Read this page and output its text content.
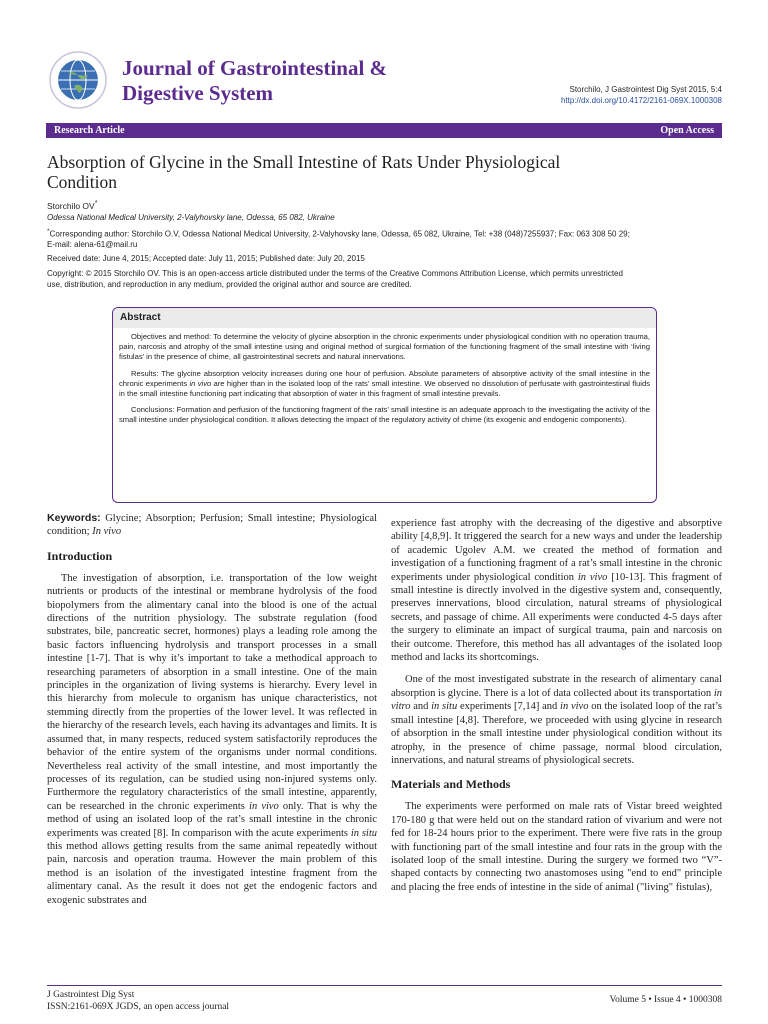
Journal of Gastrointestinal &
Digestive System	Storchilo, J Gastrointest Dig Syst 2015, 5:4
http://dx.doi.org/10.4172/2161-069X.1000308
Research Article	Open Access
Absorption of Glycine in the Small Intestine of Rats Under Physiological
Condition
Storchilo OV*
Odessa National Medical University, 2-Valyhovsky lane, Odessa, 65 082, Ukraine
*Corresponding author: Storchilo O.V, Odessa National Medical University, 2-Valyhovsky lane, Odessa, 65 082, Ukraine, Tel: +38 (048)7255937; Fax: 063 308 50 29;
E-mail: alena-61@mail.ru
Received date: June 4, 2015; Accepted date: July 11, 2015; Published date: July 20, 2015
Copyright: © 2015 Storchilo OV. This is an open-access article distributed under the terms of the Creative Commons Attribution License, which permits unrestricted
use, distribution, and reproduction in any medium, provided the original author and source are credited.
Abstract

Objectives and method: To determine the velocity of glycine absorption in the chronic experiments under physiological condition with no operation trauma, pain, narcosis and atrophy of the small intestine using and original method of surgical formation of the functioning fragment of the small intestine with ‘living fistulas’ in the presence of chime, all gastrointestinal secrets and natural innervations.

Results: The glycine absorption velocity increases during one hour of perfusion. Absolute parameters of absorptive activity of the small intestine in the chronic experiments in vivo are higher than in the isolated loop of the rats’ small intestine. We observed no dissolution of perfusate with gastrointestinal fluids in the small intestine functioning part indicating that absorption of water in this fragment of small intestine prevails.

Conclusions: Formation and perfusion of the functioning fragment of the rats’ small intestine is an adequate approach to the investigating the activity of the small intestine under physiological condition. It allows detecting the impact of the regulatory activity of chime (its exogenic and endogenic components).

Keywords: Glycine; Absorption; Perfusion; Small intestine; Physiological condition; In vivo

Introduction

The investigation of absorption, i.e. transportation of the low weight nutrients or products of the intestinal or membrane hydrolysis of the food biopolymers from the alimentary canal into the blood is one of the actual directions of the nutrition physiology. The substrate regulation (food substrates, bile, pancreatic secret, hormones) plays a leading role among the basic factors influencing hydrolysis and transport processes in a small intestine [1-7]. That is why it’s important to take a methodical approach to researching parameters of absorption in a small intestine. One of the main principles in the organization of living systems is hierarchy. Every level in this hierarchy from molecule to organism has unique characteristics, not stemming directly from the properties of the lower level. It was reflected in the hierarchy of the research levels, each having its advantages and limits. It is assumed that, in many respects, reduced system satisfactorily reproduces the behavior of the entire system of the organisms under normal conditions. Nevertheless real activity of the small intestine, and most importantly the processes of its regulation, can be studied using non-injured systems only. Furthermore the regulatory characteristics of the small intestine, apparently, can be researched in the chronic experiments in vivo only. That is why the method of using an isolated loop of the rat’s small intestine in the chronic experiments was created [8]. In comparison with the acute experiments in situ this method allows getting results from the same animal repeatedly without pain, narcosis and operation trauma. However the main problem of this method is an isolation of the investigated intestine fragment from the alimentary canal. As the result it does not get the endogenic factors and exogenic substrates and

experience fast atrophy with the decreasing of the digestive and absorptive ability [4,8,9]. It triggered the search for a new ways and under the leadership of academic Ugolev A.M. we created the method of formation and investigation of a functioning fragment of a rat’s small intestine in the chronic experiments under physiological condition in vivo [10-13]. This fragment of small intestine is directly involved in the digestive system and, consequently, preserves innervations, blood circulation, natural streams of physiological secrets, and passage of chime. All experiments were conducted 4-5 days after the surgery to eliminate an impact of surgical trauma, pain and narcosis on their outcome. Therefore, this method has all advantages of the isolated loop method and lacks its shortcomings.

One of the most investigated substrate in the research of alimentary canal absorption is glycine. There is a lot of data collected about its transportation in vitro and in situ experiments [7,14] and in vivo on the isolated loop of the rat’s small intestine [4,8]. Therefore, we proceeded with using glycine in research of absorption in the small intestine under physiological condition without its atrophy, in the presence of chime passage, normal blood circulation, innervations, and natural streams of physiological secrets.

Materials and Methods

The experiments were performed on male rats of Vistar breed weighted 170-180 g that were held out on the standard ration of vivarium and were not fed for 18-24 hours prior to the experiment. There were five rats in the group with functioning part of the small intestine and four rats in the group with the isolated loop of the small intestine. During the surgery we formed two “V”-shaped contacts by connecting two anastomoses using "end to end" principle and placing the free ends of intestine in the side of animal ("living" fistulas),

J Gastrointest Dig Syst
ISSN:2161-069X JGDS, an open access journal
Volume 5 • Issue 4 • 1000308
